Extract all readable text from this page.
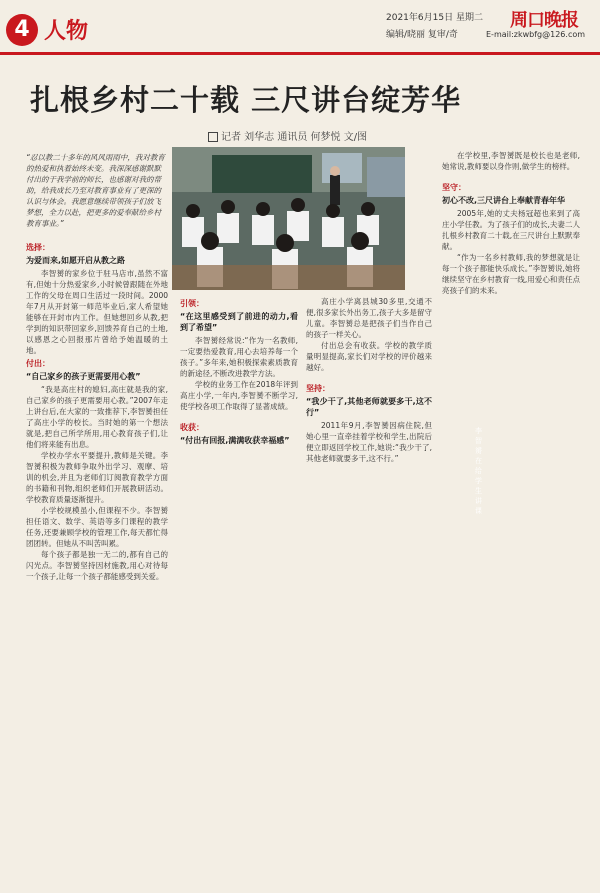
4 人物	2021年6月15日 星期二
编辑/晓丽 复审/奇
周口晚报
E-mail:zkwbfg@126.com
扎根乡村二十载 三尺讲台绽芳华
记者 刘华志 通讯员 何梦悦 文/图
“忍以教二十多年的风风雨雨中，我对教育的热爱和执着始终未变。我深深感谢默默付出的于我学前的师长，也感谢对我的帮助，给我成长乃至对教育事业有了更深的认识与体会。我愿意继续带领孩子们放飞梦想，全力以赴，把更多的爱奉献给乡村教育事业。”
李智赟在给学生讲课
选择：
为爱而来,如愿开启从教之路

李智赟的家乡位于驻马店市,虽然不富有,但她十分热爱家乡,小时候曾跟随在外地工作的父母在周口生活过一段时间。2000年7月从开封第一师范毕业后,家人希望她能够在开封市内工作。但她想回乡从教,把学到的知识带回家乡,回馈养育自己的土地,以感恩之心回报那片曾给予她温暖的土地。

付出：
“自己家乡的孩子更需要用心教”

“我是高庄村的媳妇,高庄就是我的家,自己家乡的孩子更需要用心教。”2007年走上讲台后,在大家的一致推荐下,李智赟担任了高庄小学的校长。当时她的第一个想法就是,把自己所学所用,用心教育孩子们,让他们将来能有出息。

学校办学水平要提升,教师是关键。李智赟积极为教师争取外出学习、观摩、培训的机会,并且为老师们订阅教育教学方面的书籍和刊物,组织老师们开展教研活动。学校教育质量逐渐提升。

小学校规模虽小,但课程不少。李智赟担任语文、数学、英语等多门课程的教学任务,还要兼顾学校的管理工作,每天都忙得团团转。但她从不叫苦叫累。

每个孩子都是独一无二的,都有自己的闪光点。李智赟坚持因材施教,用心对待每一个孩子,让每一个孩子都能感受到关爱。

引领：
“在这里感受到了前进的动力,看到了希望”

李智赟经常说:“作为一名教师,一定要热爱教育,用心去培养每一个孩子。”多年来,她积极探索素质教育的新途径,不断改进教学方法。

学校的业务工作在2018年评到高庄小学,一年内,李智赟不断学习,使学校各项工作取得了显著成绩。

收获：
“付出有回报,满满收获幸福感”

高庄小学离县城30多里,交通不便,很多家长外出务工,孩子大多是留守儿童。李智赟总是把孩子们当作自己的孩子一样关心。

付出总会有收获。学校的教学质量明显提高,家长们对学校的评价越来越好。

坚持：
“我少干了,其他老师就要多干,这不行”

2011年9月,李智赟因病住院,但她心里一直牵挂着学校和学生,出院后便立即返回学校工作,她说:“我少干了,其他老师就要多干,这不行。”

在学校里,李智赟既是校长也是老师,她常说,教师要以身作则,做学生的榜样。

坚守：
初心不改,三尺讲台上奉献青春年华

2005年,她的丈夫杨冠超也来到了高庄小学任教。为了孩子们的成长,夫妻二人扎根乡村教育二十载,在三尺讲台上默默奉献。

“作为一名乡村教师,我的梦想就是让每一个孩子都能快乐成长。”李智赟说,她将继续坚守在乡村教育一线,用爱心和责任点亮孩子们的未来。
